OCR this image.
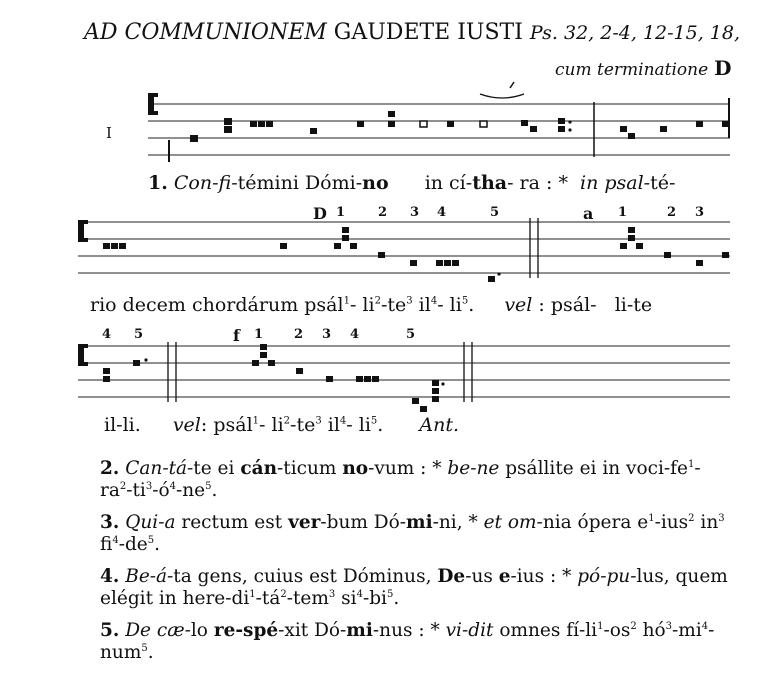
AD COMMUNIONEM GAUDETE IUSTI Ps. 32, 2-4, 12-15, 18,
cum terminatione D
I
1. Con-fi-témini Dómi-no in cí-tha- ra : * in psal-té-
D 1	2 3 4	5	a 1	2 3
rio decem chordárum psál$^1$- $li^2-te^3$ $il^4-$ $li^5$. vel : psál-   li-te
4 5	f 1 2 3 4	5
il-li. vel: psál$^1$- $li^2-te^3$ $il^4-$ $li^5$. Ant.
2. Can-tá-te ei cán-ticum no-vum : * be-ne psállite ei in voci-$fe^1-ra^2-ti^3-ó^4-ne^5$.
3. Qui-a rectum est ver-bum Dó-mi-ni, * et om-nia ópera $e^1-ius^2$ $in^3$ $fi^4-de^5$.
4. Be-á-ta gens, cuius est Dóminus, De-us e-ius : * pó-pu-lus, quem elégit in here-$di^1-tá^2-tem^3$ $si^4-bi^5$.
5. De cæ-lo re-spé-xit Dó-mi-nus : * vi-dit omnes $fí-li^1-os^2$ $hó^3-mi^4-num^5$.
